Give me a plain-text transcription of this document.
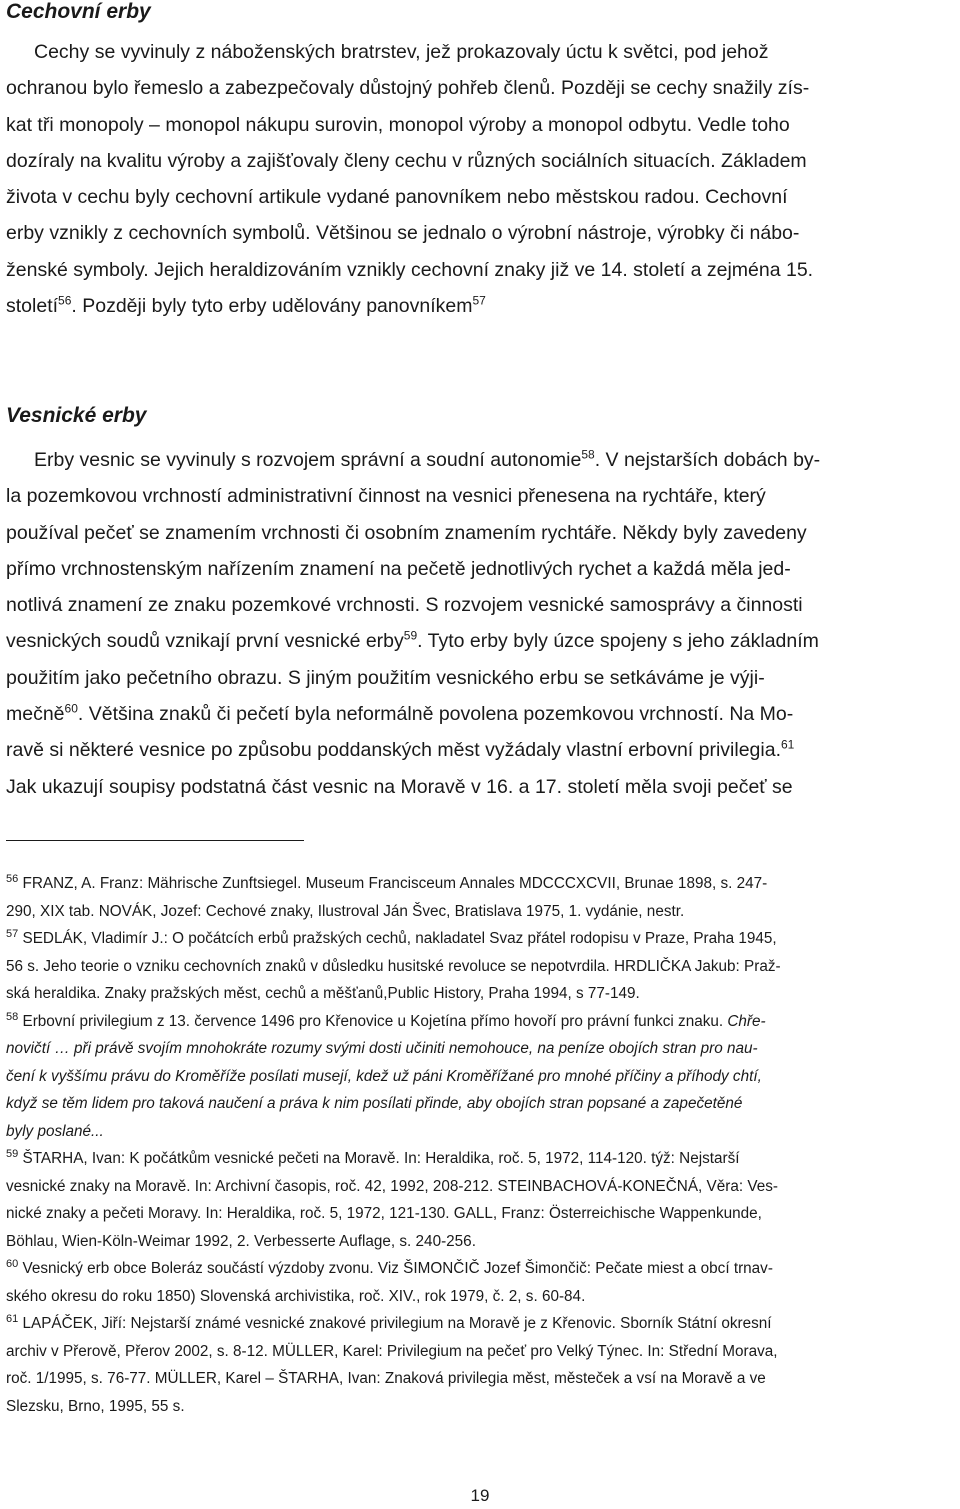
Cechovní erby
Cechy se vyvinuly z náboženských bratrstev, jež prokazovaly úctu k světci, pod jehož
ochranou bylo řemeslo a zabezpečovaly důstojný pohřeb členů. Později se cechy snažily zís-
kat tři monopoly – monopol nákupu surovin, monopol výroby a monopol odbytu. Vedle toho
dozíraly na kvalitu výroby a zajišťovaly členy cechu v různých sociálních situacích. Základem
života v cechu byly cechovní artikule vydané panovníkem nebo městskou radou. Cechovní
erby vznikly z cechovních symbolů. Většinou se jednalo o výrobní nástroje, výrobky či nábo-
ženské symboly. Jejich heraldizováním vznikly cechovní znaky již ve 14. století a zejména 15.
století$^{56}$. Později byly tyto erby udělovány panovníkem$^{57}$
Vesnické erby
Erby vesnic se vyvinuly s rozvojem správní a soudní autonomie$^{58}$. V nejstarších dobách by-
la pozemkovou vrchností administrativní činnost na vesnici přenesena na rychtáře, který
používal pečeť se znamením vrchnosti či osobním znamením rychtáře. Někdy byly zavedeny
přímo vrchnostenským nařízením znamení na pečetě jednotlivých rychet a každá měla jed-
notlivá znamení ze znaku pozemkové vrchnosti. S rozvojem vesnické samosprávy a činnosti
vesnických soudů vznikají první vesnické erby$^{59}$. Tyto erby byly úzce spojeny s jeho základním
použitím jako pečetního obrazu. S jiným použitím vesnického erbu se setkáváme je výji-
mečně$^{60}$. Většina znaků či pečetí byla neformálně povolena pozemkovou vrchností. Na Mo-
ravě si některé vesnice po způsobu poddanských měst vyžádaly vlastní erbovní privilegia.$^{61}$
Jak ukazují soupisy podstatná část vesnic na Moravě v 16. a 17. století měla svoji pečeť se
$^{56}$ FRANZ, A. Franz: Mährische Zunftsiegel. Museum Francisceum Annales MDCCCXCVII, Brunae 1898, s. 247-
290, XIX tab. NOVÁK, Jozef: Cechové znaky, Ilustroval Ján Švec, Bratislava 1975, 1. vydánie, nestr.
$^{57}$ SEDLÁK, Vladimír J.: O počátcích erbů pražských cechů, nakladatel Svaz přátel rodopisu v Praze, Praha 1945,
56 s. Jeho teorie o vzniku cechovních znaků v důsledku husitské revoluce se nepotvrdila. HRDLIČKA Jakub: Praž-
ská heraldika. Znaky pražských měst, cechů a měšťanů,Public History, Praha 1994, s 77-149.
$^{58}$ Erbovní privilegium z 13. července 1496 pro Křenovice u Kojetína přímo hovoří pro právní funkci znaku. Chře-
novičtí … při právě svojím mnohokráte rozumy svými dosti učiniti nemohouce, na peníze obojích stran pro nau-
čení k vyššímu právu do Kroměříže posílati musejí, kdež už páni Kroměřížané pro mnohé příčiny a příhody chtí,
když se těm lidem pro taková naučení a práva k nim posílati přinde, aby obojích stran popsané a zapečetěné
byly poslané...
$^{59}$ ŠTARHA, Ivan: K počátkům vesnické pečeti na Moravě. In: Heraldika, roč. 5, 1972, 114-120. týž: Nejstarší
vesnické znaky na Moravě. In: Archivní časopis, roč. 42, 1992, 208-212. STEINBACHOVÁ-KONEČNÁ, Věra: Ves-
nické znaky a pečeti Moravy. In: Heraldika, roč. 5, 1972, 121-130. GALL, Franz: Österreichische Wappenkunde,
Böhlau, Wien-Köln-Weimar 1992, 2. Verbesserte Auflage, s. 240-256.
$^{60}$ Vesnický erb obce Boleráz součástí výzdoby zvonu. Viz ŠIMONČIČ Jozef Šimončič: Pečate miest a obcí trnav-
ského okresu do roku 1850) Slovenská archivistika, roč. XIV., rok 1979, č. 2, s. 60-84.
$^{61}$ LAPÁČEK, Jiří: Nejstarší známé vesnické znakové privilegium na Moravě je z Křenovic. Sborník Státní okresní
archiv v Přerově, Přerov 2002, s. 8-12. MÜLLER, Karel: Privilegium na pečeť pro Velký Týnec. In: Střední Morava,
roč. 1/1995, s. 76-77. MÜLLER, Karel – ŠTARHA, Ivan: Znaková privilegia měst, městeček a vsí na Moravě a ve
Slezsku, Brno, 1995, 55 s.
19
